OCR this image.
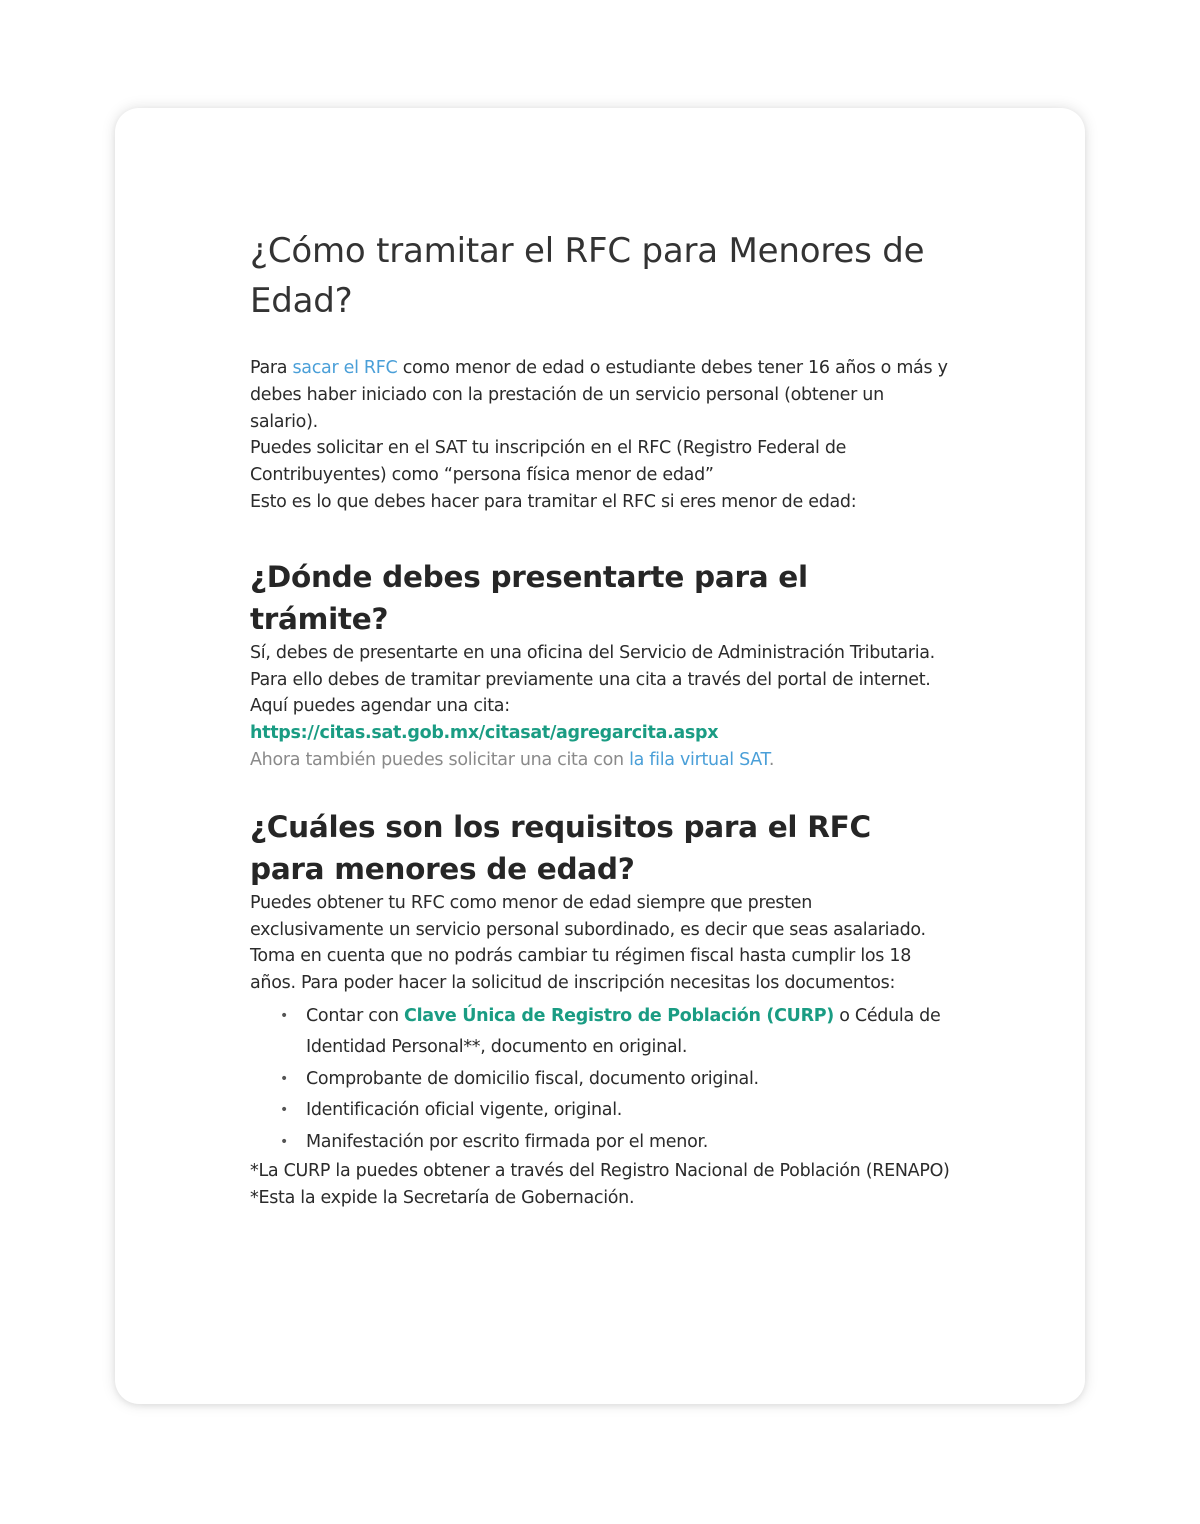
¿Cómo tramitar el RFC para Menores de Edad?

Para sacar el RFC como menor de edad o estudiante debes tener 16 años o más y debes haber iniciado con la prestación de un servicio personal (obtener un salario).

Puedes solicitar en el SAT tu inscripción en el RFC (Registro Federal de Contribuyentes) como “persona física menor de edad”

Esto es lo que debes hacer para tramitar el RFC si eres menor de edad:

¿Dónde debes presentarte para el trámite?

Sí, debes de presentarte en una oficina del Servicio de Administración Tributaria. Para ello debes de tramitar previamente una cita a través del portal de internet.

Aquí puedes agendar una cita: https://citas.sat.gob.mx/citasat/agregarcita.aspx

Ahora también puedes solicitar una cita con la fila virtual SAT.

¿Cuáles son los requisitos para el RFC para menores de edad?

Puedes obtener tu RFC como menor de edad siempre que presten exclusivamente un servicio personal subordinado, es decir que seas asalariado.

Toma en cuenta que no podrás cambiar tu régimen fiscal hasta cumplir los 18 años. Para poder hacer la solicitud de inscripción necesitas los documentos:

• Contar con Clave Única de Registro de Población (CURP) o Cédula de Identidad Personal**, documento en original.
• Comprobante de domicilio fiscal, documento original.
• Identificación oficial vigente, original.
• Manifestación por escrito firmada por el menor.

*La CURP la puedes obtener a través del Registro Nacional de Población (RENAPO)

*Esta la expide la Secretaría de Gobernación.
